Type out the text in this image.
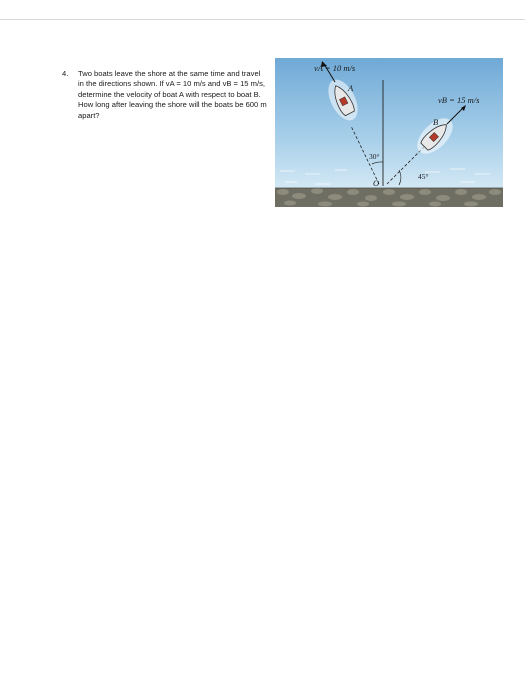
4. Two boats leave the shore at the same time and travel in the directions shown. If vA = 10 m/s and vB = 15 m/s, determine the velocity of boat A with respect to boat B. How long after leaving the shore will the boats be 600 m apart?
vA = 10 m/s
A
vB = 15 m/s
B
30°
45°
O
